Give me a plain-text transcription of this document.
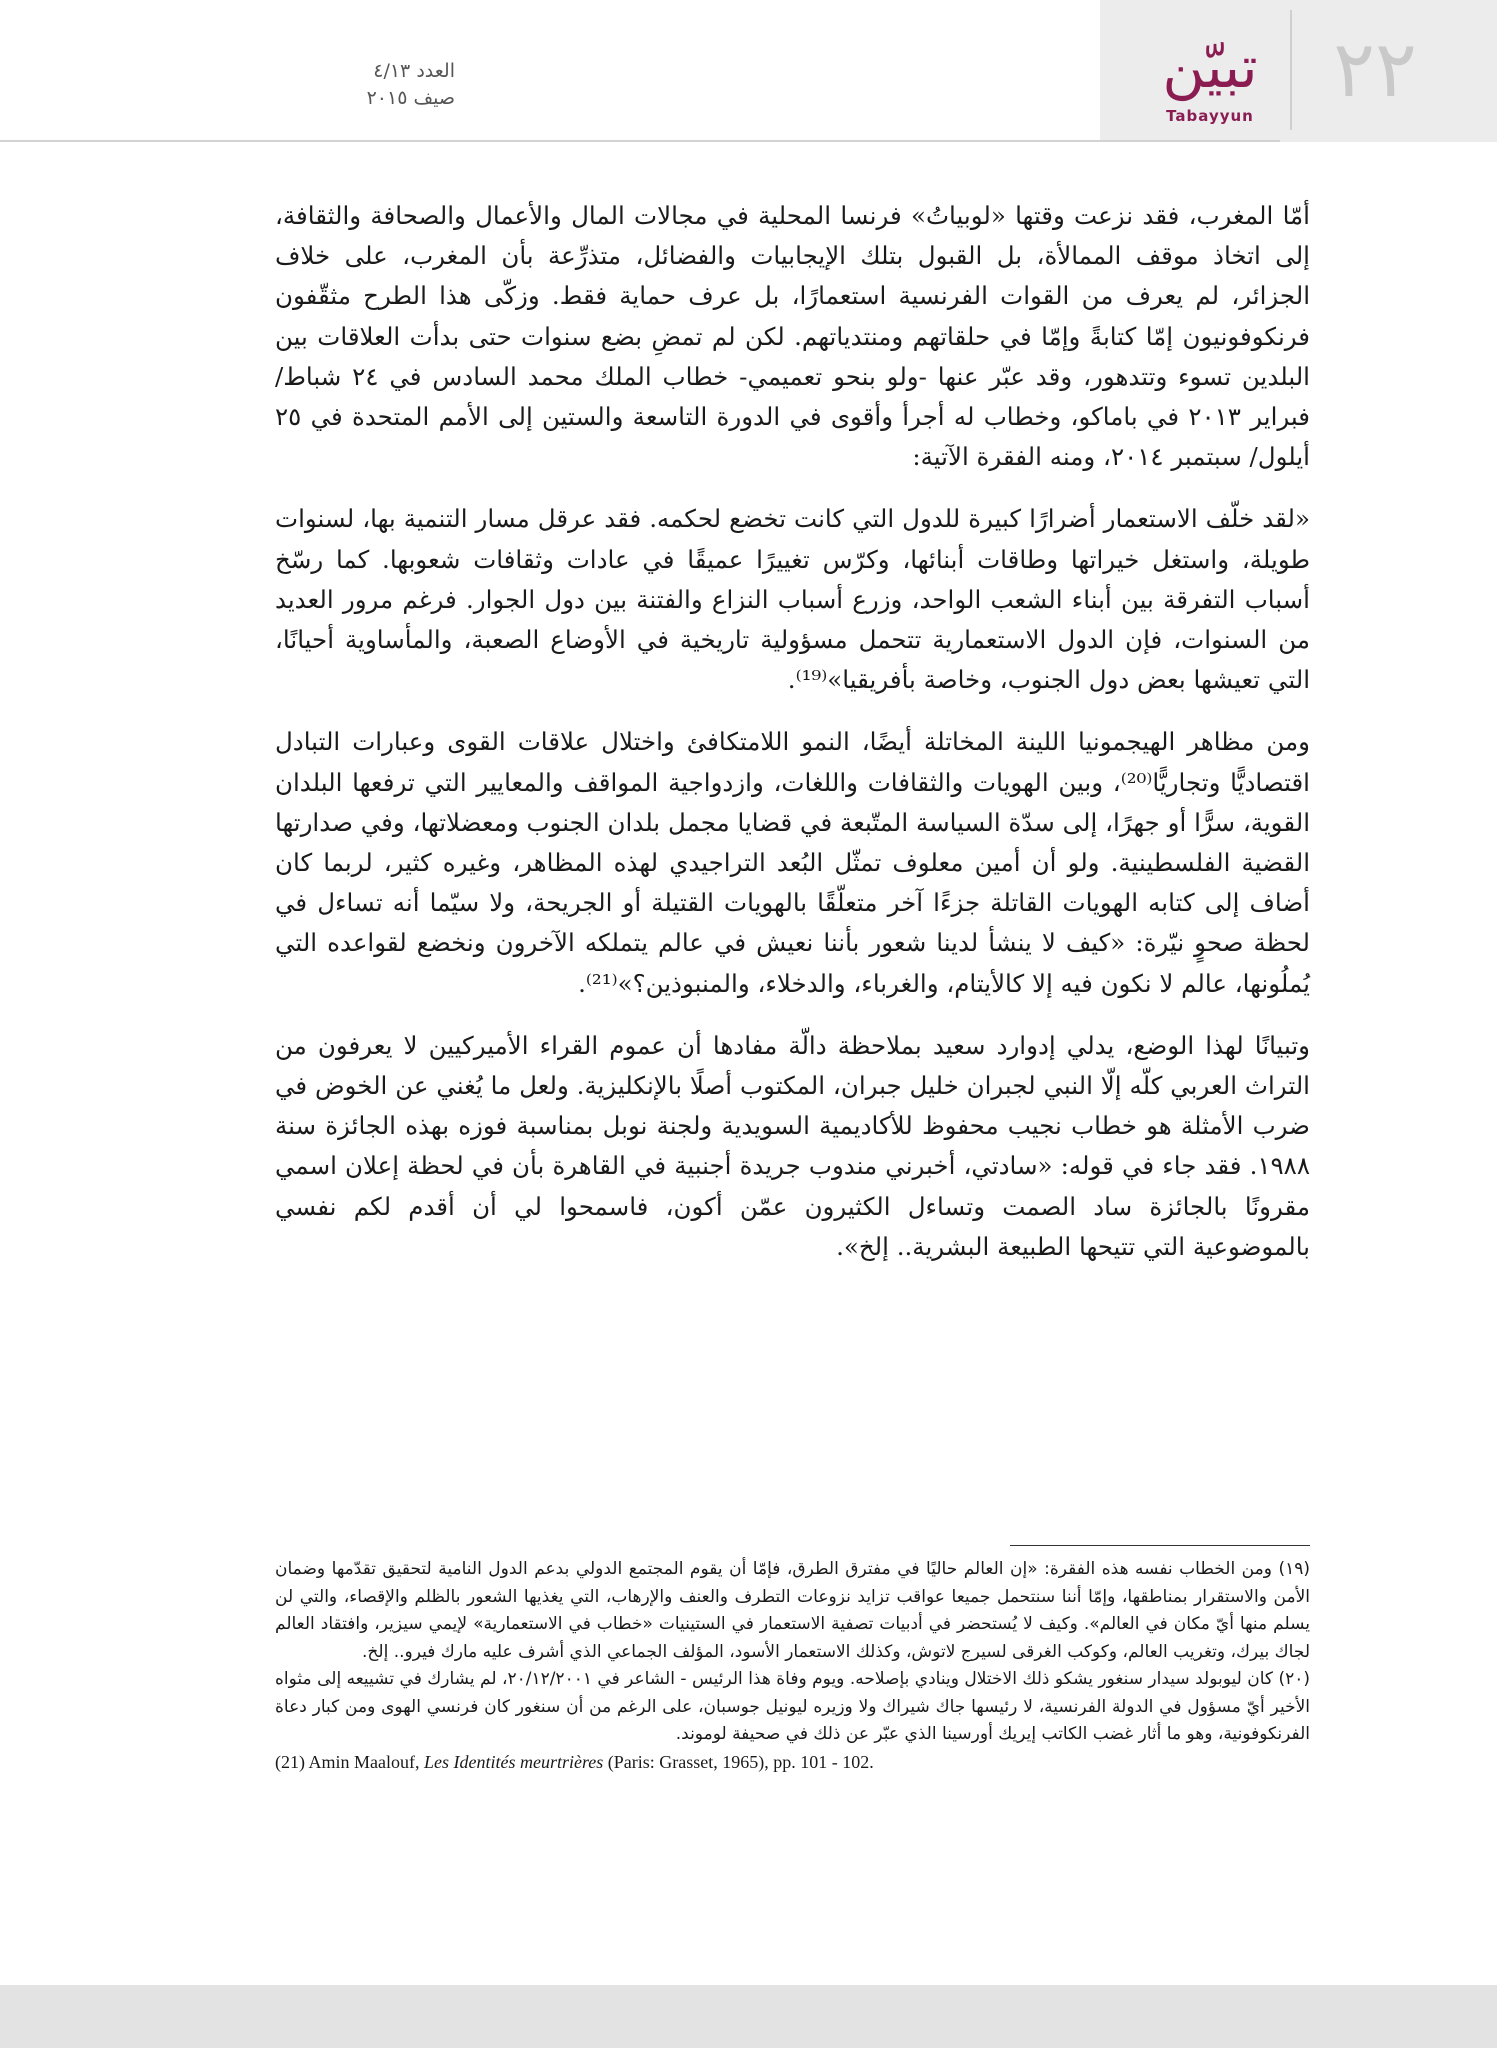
٢٢
تبيّن
Tabayyun
العدد ٤/١٣
صيف ٢٠١٥

أمّا المغرب، فقد نزعت وقتها «لوبياتُ» فرنسا المحلية في مجالات المال والأعمال والصحافة والثقافة، إلى اتخاذ موقف الممالأة، بل القبول بتلك الإيجابيات والفضائل، متذرِّعة بأن المغرب، على خلاف الجزائر، لم يعرف من القوات الفرنسية استعمارًا، بل عرف حماية فقط. وزكّى هذا الطرح مثقّفون فرنكوفونيون إمّا كتابةً وإمّا في حلقاتهم ومنتدياتهم. لكن لم تمضِ بضع سنوات حتى بدأت العلاقات بين البلدين تسوء وتتدهور، وقد عبّر عنها -ولو بنحو تعميمي- خطاب الملك محمد السادس في ٢٤ شباط/ فبراير ٢٠١٣ في باماكو، وخطاب له أجرأ وأقوى في الدورة التاسعة والستين إلى الأمم المتحدة في ٢٥ أيلول/ سبتمبر ٢٠١٤، ومنه الفقرة الآتية:

«لقد خلّف الاستعمار أضرارًا كبيرة للدول التي كانت تخضع لحكمه. فقد عرقل مسار التنمية بها، لسنوات طويلة، واستغل خيراتها وطاقات أبنائها، وكرّس تغييرًا عميقًا في عادات وثقافات شعوبها. كما رسّخ أسباب التفرقة بين أبناء الشعب الواحد، وزرع أسباب النزاع والفتنة بين دول الجوار. فرغم مرور العديد من السنوات، فإن الدول الاستعمارية تتحمل مسؤولية تاريخية في الأوضاع الصعبة، والمأساوية أحيانًا، التي تعيشها بعض دول الجنوب، وخاصة بأفريقيا»⁽¹⁹⁾.

ومن مظاهر الهيجمونيا اللينة المخاتلة أيضًا، النمو اللامتكافئ واختلال علاقات القوى وعبارات التبادل اقتصاديًّا وتجاريًّا⁽²⁰⁾، وبين الهويات والثقافات واللغات، وازدواجية المواقف والمعايير التي ترفعها البلدان القوية، سرًّا أو جهرًا، إلى سدّة السياسة المتّبعة في قضايا مجمل بلدان الجنوب ومعضلاتها، وفي صدارتها القضية الفلسطينية. ولو أن أمين معلوف تمثّل البُعد التراجيدي لهذه المظاهر، وغيره كثير، لربما كان أضاف إلى كتابه الهويات القاتلة جزءًا آخر متعلّقًا بالهويات القتيلة أو الجريحة، ولا سيّما أنه تساءل في لحظة صحوٍ نيّرة: «كيف لا ينشأ لدينا شعور بأننا نعيش في عالم يتملكه الآخرون ونخضع لقواعده التي يُملُونها، عالم لا نكون فيه إلا كالأيتام، والغرباء، والدخلاء، والمنبوذين؟»⁽²¹⁾.

وتبيانًا لهذا الوضع، يدلي إدوارد سعيد بملاحظة دالّة مفادها أن عموم القراء الأميركيين لا يعرفون من التراث العربي كلّه إلّا النبي لجبران خليل جبران، المكتوب أصلًا بالإنكليزية. ولعل ما يُغني عن الخوض في ضرب الأمثلة هو خطاب نجيب محفوظ للأكاديمية السويدية ولجنة نوبل بمناسبة فوزه بهذه الجائزة سنة ١٩٨٨. فقد جاء في قوله: «سادتي، أخبرني مندوب جريدة أجنبية في القاهرة بأن في لحظة إعلان اسمي مقرونًا بالجائزة ساد الصمت وتساءل الكثيرون عمّن أكون، فاسمحوا لي أن أقدم لكم نفسي بالموضوعية التي تتيحها الطبيعة البشرية.. إلخ».

(١٩) ومن الخطاب نفسه هذه الفقرة: «إن العالم حاليًا في مفترق الطرق، فإمّا أن يقوم المجتمع الدولي بدعم الدول النامية لتحقيق تقدّمها وضمان الأمن والاستقرار بمناطقها، وإمّا أننا سنتحمل جميعا عواقب تزايد نزوعات التطرف والعنف والإرهاب، التي يغذيها الشعور بالظلم والإقصاء، والتي لن يسلم منها أيّ مكان في العالم». وكيف لا يُستحضر في أدبيات تصفية الاستعمار في الستينيات «خطاب في الاستعمارية» لإيمي سيزير، وافتقاد العالم لجاك بيرك، وتغريب العالم، وكوكب الغرقى لسيرج لاتوش، وكذلك الاستعمار الأسود، المؤلف الجماعي الذي أشرف عليه مارك فيرو.. إلخ.

(٢٠) كان ليوبولد سيدار سنغور يشكو ذلك الاختلال وينادي بإصلاحه. ويوم وفاة هذا الرئيس - الشاعر في ٢٠/١٢/٢٠٠١، لم يشارك في تشييعه إلى مثواه الأخير أيّ مسؤول في الدولة الفرنسية، لا رئيسها جاك شيراك ولا وزيره ليونيل جوسبان، على الرغم من أن سنغور كان فرنسي الهوى ومن كبار دعاة الفرنكوفونية، وهو ما أثار غضب الكاتب إيريك أورسينا الذي عبّر عن ذلك في صحيفة لوموند.

(21) Amin Maalouf, Les Identités meurtrières (Paris: Grasset, 1965), pp. 101 - 102.
